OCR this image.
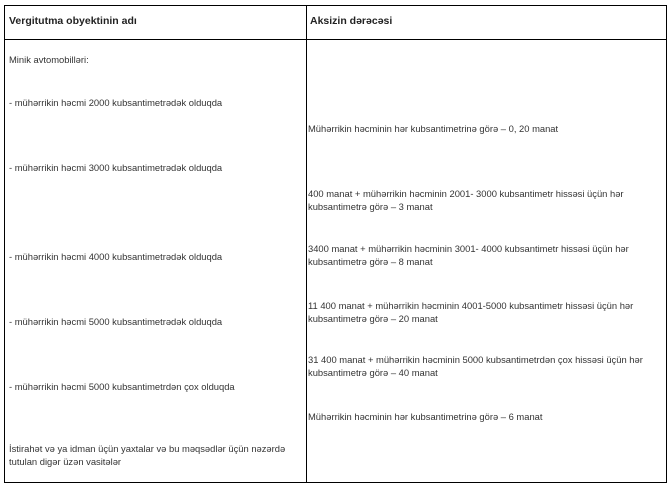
Vergitutma obyektinin adı	Aksizin dərəcəsi
Minik avtomobilləri:
- mühərrikin həcmi 2000 kubsantimetrədək olduqda
- mühərrikin həcmi 3000 kubsantimetrədək olduqda
- mühərrikin həcmi 4000 kubsantimetrədək olduqda
- mühərrikin həcmi 5000 kubsantimetrədək olduqda
- mühərrikin həcmi 5000 kubsantimetrdən çox olduqda
İstirahət və ya idman üçün yaxtalar və bu məqsədlər üçün nəzərdə
tutulan digər üzən vasitələr
Mühərrikin həcminin hər kubsantimetrinə görə – 0, 20 manat
400 manat + mühərrikin həcminin 2001- 3000 kubsantimetr hissəsi üçün hər
kubsantimetrə görə – 3 manat
3400 manat + mühərrikin həcminin 3001- 4000 kubsantimetr hissəsi üçün hər
kubsantimetrə görə – 8 manat
11 400 manat + mühərrikin həcminin 4001-5000 kubsantimetr hissəsi üçün hər
kubsantimetrə görə – 20 manat
31 400 manat + mühərrikin həcminin 5000 kubsantimetrdən çox hissəsi üçün hər
kubsantimetrə görə – 40 manat
Mühərrikin həcminin hər kubsantimetrinə görə – 6 manat
